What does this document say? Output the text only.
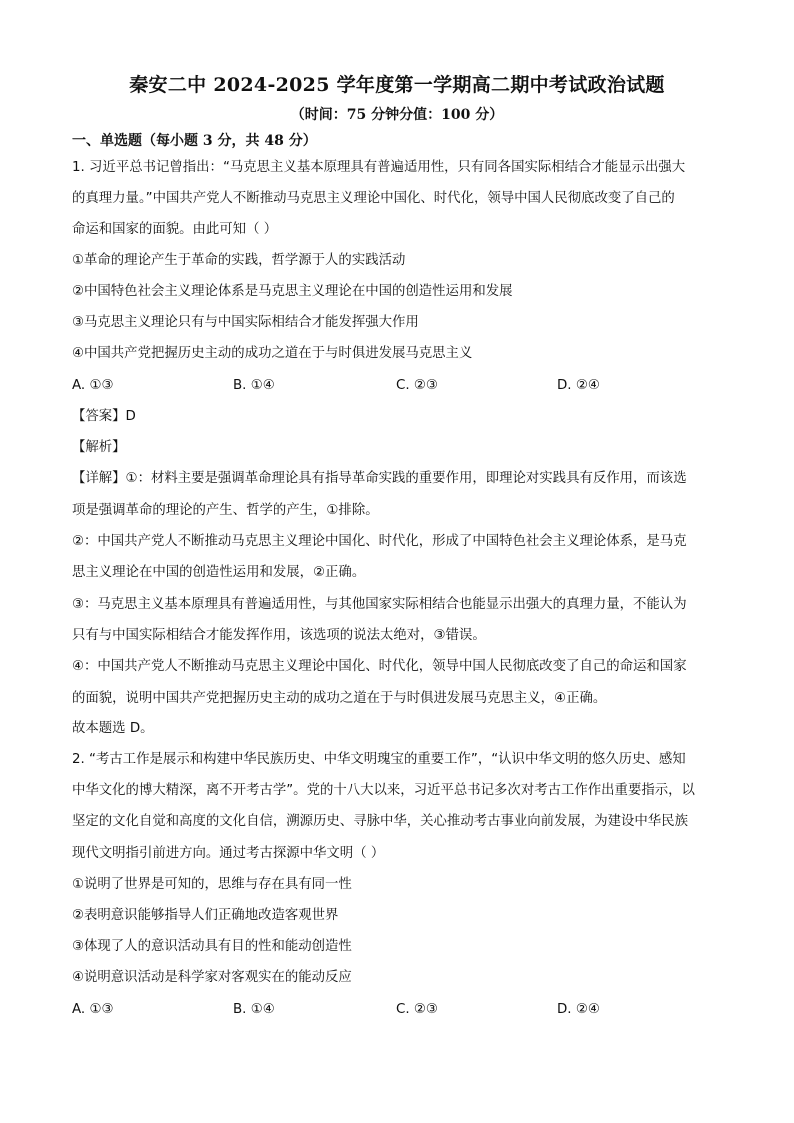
秦安二中 2024-2025 学年度第一学期高二期中考试政治试题
（时间：75 分钟分值：100 分）
一、单选题（每小题 3 分，共 48 分）
1. 习近平总书记曾指出：“马克思主义基本原理具有普遍适用性，只有同各国实际相结合才能显示出强大
的真理力量。”中国共产党人不断推动马克思主义理论中国化、时代化，领导中国人民彻底改变了自己的
命运和国家的面貌。由此可知（ ）
①革命的理论产生于革命的实践，哲学源于人的实践活动
②中国特色社会主义理论体系是马克思主义理论在中国的创造性运用和发展
③马克思主义理论只有与中国实际相结合才能发挥强大作用
④中国共产党把握历史主动的成功之道在于与时俱进发展马克思主义
A. ①③	B. ①④	C. ②③	D. ②④
【答案】D
【解析】
【详解】①：材料主要是强调革命理论具有指导革命实践的重要作用，即理论对实践具有反作用，而该选
项是强调革命的理论的产生、哲学的产生，①排除。
②：中国共产党人不断推动马克思主义理论中国化、时代化，形成了中国特色社会主义理论体系，是马克
思主义理论在中国的创造性运用和发展，②正确。
③：马克思主义基本原理具有普遍适用性，与其他国家实际相结合也能显示出强大的真理力量，不能认为
只有与中国实际相结合才能发挥作用，该选项的说法太绝对，③错误。
④：中国共产党人不断推动马克思主义理论中国化、时代化，领导中国人民彻底改变了自己的命运和国家
的面貌，说明中国共产党把握历史主动的成功之道在于与时俱进发展马克思主义，④正确。
故本题选 D。
2. “考古工作是展示和构建中华民族历史、中华文明瑰宝的重要工作”，“认识中华文明的悠久历史、感知
中华文化的博大精深，离不开考古学”。党的十八大以来，习近平总书记多次对考古工作作出重要指示，以
坚定的文化自觉和高度的文化自信，溯源历史、寻脉中华，关心推动考古事业向前发展，为建设中华民族
现代文明指引前进方向。通过考古探源中华文明（ ）
①说明了世界是可知的，思维与存在具有同一性
②表明意识能够指导人们正确地改造客观世界
③体现了人的意识活动具有目的性和能动创造性
④说明意识活动是科学家对客观实在的能动反应
A. ①③	B. ①④	C. ②③	D. ②④
